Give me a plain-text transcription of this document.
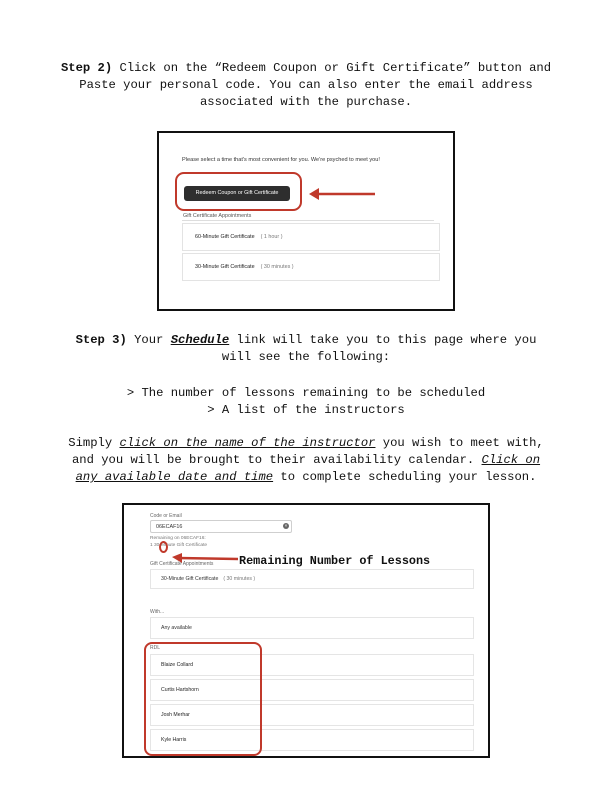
Step 2) Click on the “Redeem Coupon or Gift Certificate” button and Paste your personal code. You can also enter the email address associated with the purchase.
Please select a time that's most convenient for you. We're psyched to meet you!
Redeem Coupon or Gift Certificate
Gift Certificate Appointments
60-Minute Gift Certificate ( 1 hour )
30-Minute Gift Certificate ( 30 minutes )
Step 3) Your Schedule link will take you to this page where you will see the following:
> The number of lessons remaining to be scheduled
> A list of the instructors
Simply click on the name of the instructor you wish to meet with, and you will be brought to their availability calendar. Click on any available date and time to complete scheduling your lesson.
Code or Email
06ECAF16	×
Remaining on 06ECAF16:
1 30-Minute Gift Certificate
Remaining Number of Lessons
Gift Certificate Appointments
30-Minute Gift Certificate ( 30 minutes )
With...
Any available
RDL
Blaize Collard
Curtis Hartshorn
Josh Merhar
Kyle Harris
